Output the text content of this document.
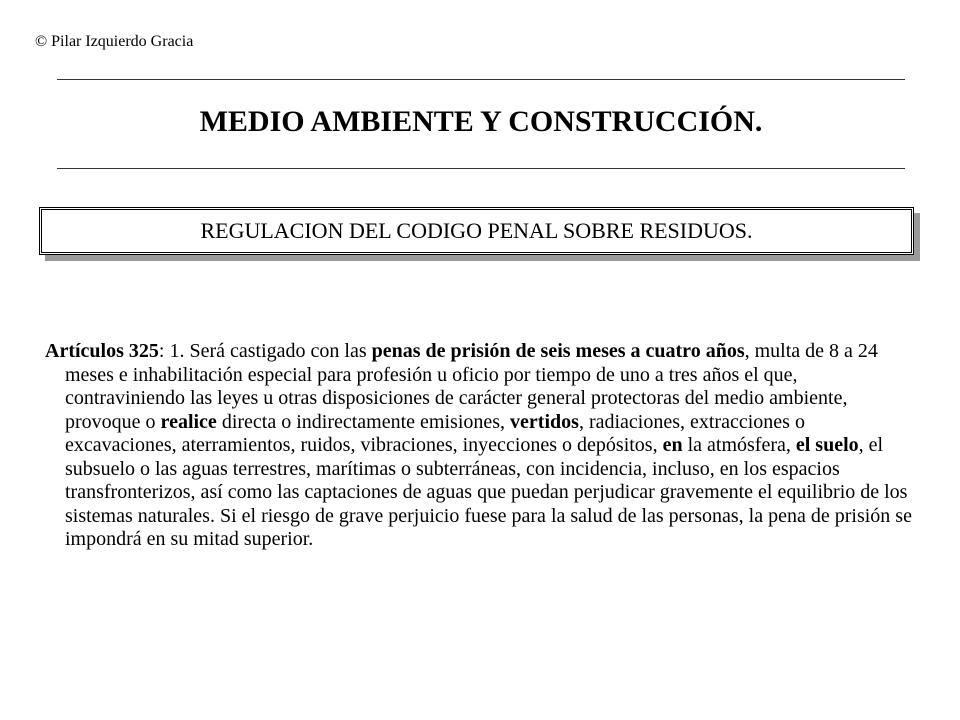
© Pilar Izquierdo Gracia
MEDIO AMBIENTE Y CONSTRUCCIÓN.
REGULACION DEL CODIGO PENAL SOBRE RESIDUOS.

Artículos 325: 1. Será castigado con las penas de prisión de seis meses a cuatro años, multa de 8 a 24 meses e inhabilitación especial para profesión u oficio por tiempo de uno a tres años el que, contraviniendo las leyes u otras disposiciones de carácter general protectoras del medio ambiente, provoque o realice directa o indirectamente emisiones, vertidos, radiaciones, extracciones o excavaciones, aterramientos, ruidos, vibraciones, inyecciones o depósitos, en la atmósfera, el suelo, el subsuelo o las aguas terrestres, marítimas o subterráneas, con incidencia, incluso, en los espacios transfronterizos, así como las captaciones de aguas que puedan perjudicar gravemente el equilibrio de los sistemas naturales. Si el riesgo de grave perjuicio fuese para la salud de las personas, la pena de prisión se impondrá en su mitad superior.
